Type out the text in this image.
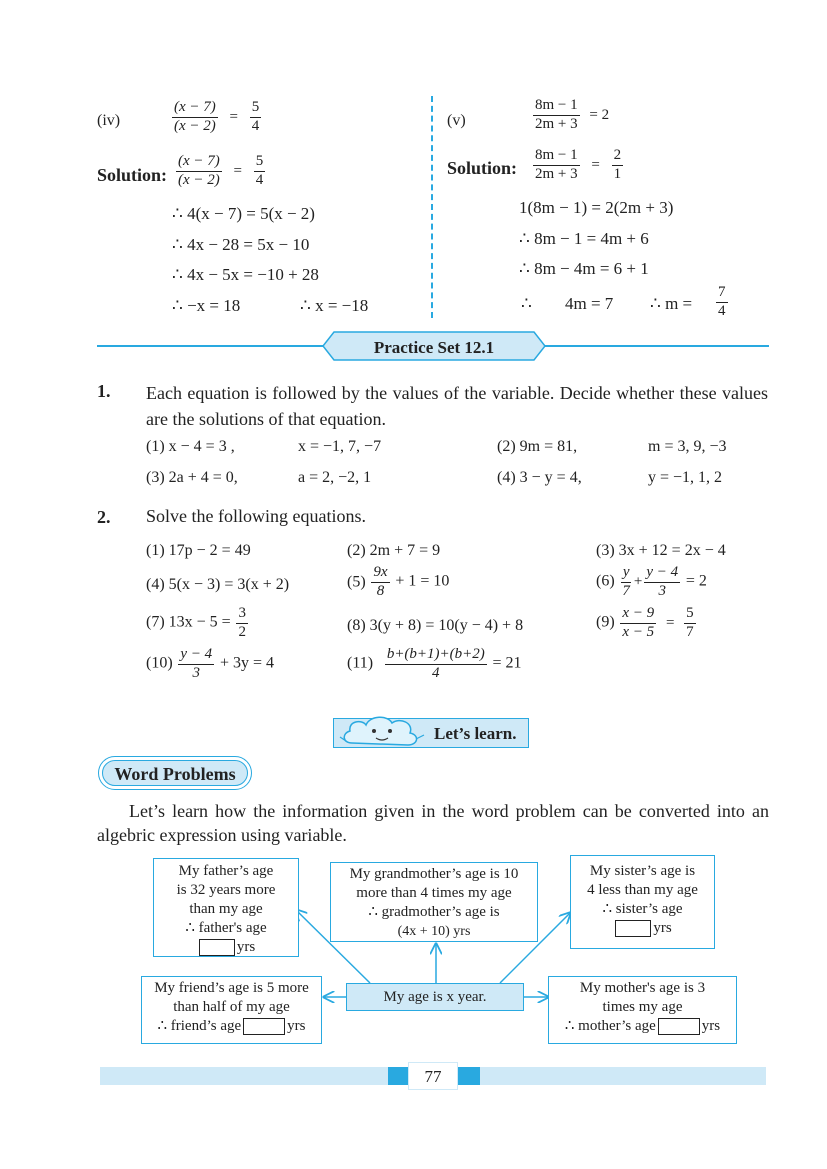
(iv)	$\frac{(x - 7)}{(x - 2)} = \frac{5}{4}$
Solution: $\frac{(x - 7)}{(x - 2)} = \frac{5}{4}$
∴ 4(x − 7) = 5(x − 2)
∴ 4x − 28 = 5x − 10
∴ 4x − 5x = −10 + 28
∴ −x = 18	∴ x = −18
(v)	$\frac{8m - 1}{2m + 3} = 2$
Solution: $\frac{8m - 1}{2m + 3} = \frac{2}{1}$
1(8m − 1) = 2(2m + 3)
∴ 8m − 1 = 4m + 6
∴ 8m − 4m = 6 + 1
∴ 4m = 7 ∴ $m = \frac{7}{4}$
Practice Set 12.1
1. Each equation is followed by the values of the variable. Decide whether these values are the solutions of that equation.
(1) x − 4 = 3 ,	x = −1, 7, −7	(2) 9m = 81,	m = 3, 9, −3
(3) 2a + 4 = 0,	a = 2, −2, 1	(4) 3 − y = 4,	y = −1, 1, 2
2. Solve the following equations.
(1) 17p − 2 = 49	(2) 2m + 7 = 9	(3) 3x + 12 = 2x − 4
(4) 5(x − 3) = 3(x + 2)	$(5) \frac{9x}{8} + 1 = 10$	$(6) \frac{y}{7} + \frac{y - 4}{3} = 2$
(7) $13x - 5 = \frac{3}{2}$	(8) 3(y + 8) = 10(y − 4) + 8	$(9) \frac{x - 9}{x - 5} = \frac{5}{7}$
$(10) \frac{y - 4}{3} + 3y = 4$	$(11) \frac{b+(b+1)+(b+2)}{4} = 21$
Let’s learn.
Word Problems
Let’s learn how the information given in the word problem can be converted into an algebric expression using variable.
My age is x year.
My father’s age
is 32 years more
than my age
∴ father's age
yrs
My grandmother’s age is 10
more than 4 times my age
∴ gradmother’s age is
(4x + 10) yrs
My sister’s age is
4 less than my age
∴ sister’s age
yrs
My friend’s age is 5 more
than half of my age
∴ friend’s age	yrs
My mother's age is 3
times my age
∴ mother’s age	yrs
77
